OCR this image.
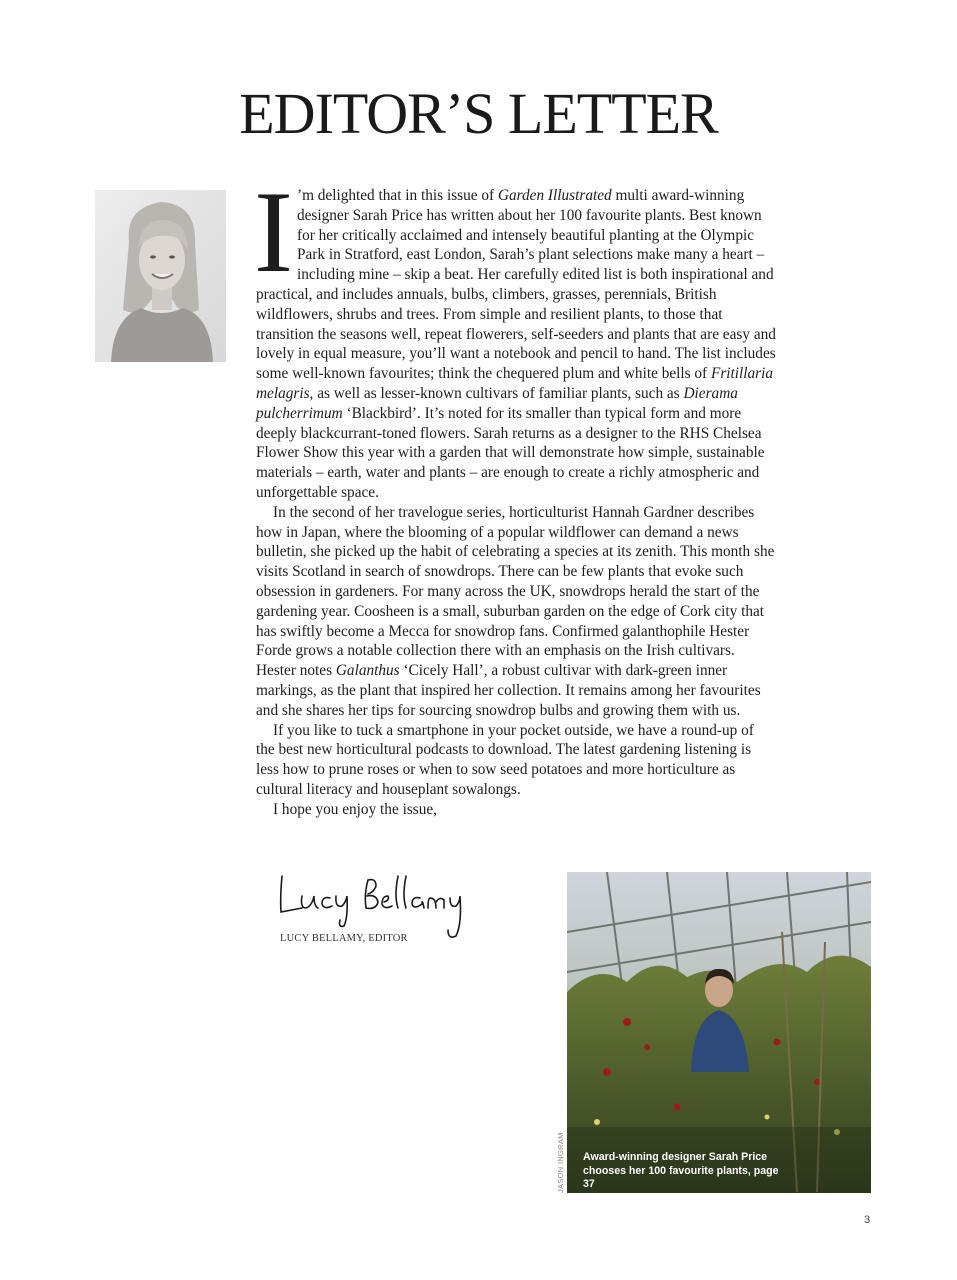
EDITOR’S LETTER

I ’m delighted that in this issue of Garden Illustrated multi award-winning designer Sarah Price has written about her 100 favourite plants. Best known for her critically acclaimed and intensely beautiful planting at the Olympic Park in Stratford, east London, Sarah’s plant selections make many a heart – including mine – skip a beat. Her carefully edited list is both inspirational and practical, and includes annuals, bulbs, climbers, grasses, perennials, British wildflowers, shrubs and trees. From simple and resilient plants, to those that transition the seasons well, repeat flowerers, self-seeders and plants that are easy and lovely in equal measure, you’ll want a notebook and pencil to hand. The list includes some well-known favourites; think the chequered plum and white bells of Fritillaria melagris, as well as lesser-known cultivars of familiar plants, such as Dierama pulcherrimum ‘Blackbird’. It’s noted for its smaller than typical form and more deeply blackcurrant-toned flowers. Sarah returns as a designer to the RHS Chelsea Flower Show this year with a garden that will demonstrate how simple, sustainable materials – earth, water and plants – are enough to create a richly atmospheric and unforgettable space.

In the second of her travelogue series, horticulturist Hannah Gardner describes how in Japan, where the blooming of a popular wildflower can demand a news bulletin, she picked up the habit of celebrating a species at its zenith. This month she visits Scotland in search of snowdrops. There can be few plants that evoke such obsession in gardeners. For many across the UK, snowdrops herald the start of the gardening year. Coosheen is a small, suburban garden on the edge of Cork city that has swiftly become a Mecca for snowdrop fans. Confirmed galanthophile Hester Forde grows a notable collection there with an emphasis on the Irish cultivars. Hester notes Galanthus ‘Cicely Hall’, a robust cultivar with dark-green inner markings, as the plant that inspired her collection. It remains among her favourites and she shares her tips for sourcing snowdrop bulbs and growing them with us.

If you like to tuck a smartphone in your pocket outside, we have a round-up of the best new horticultural podcasts to download. The latest gardening listening is less how to prune roses or when to sow seed potatoes and more horticulture as cultural literacy and houseplant sowalongs.

I hope you enjoy the issue,

LUCY BELLAMY, EDITOR
Award-winning designer Sarah Price
chooses her 100 favourite plants, page 37
JASON INGRAM
3
